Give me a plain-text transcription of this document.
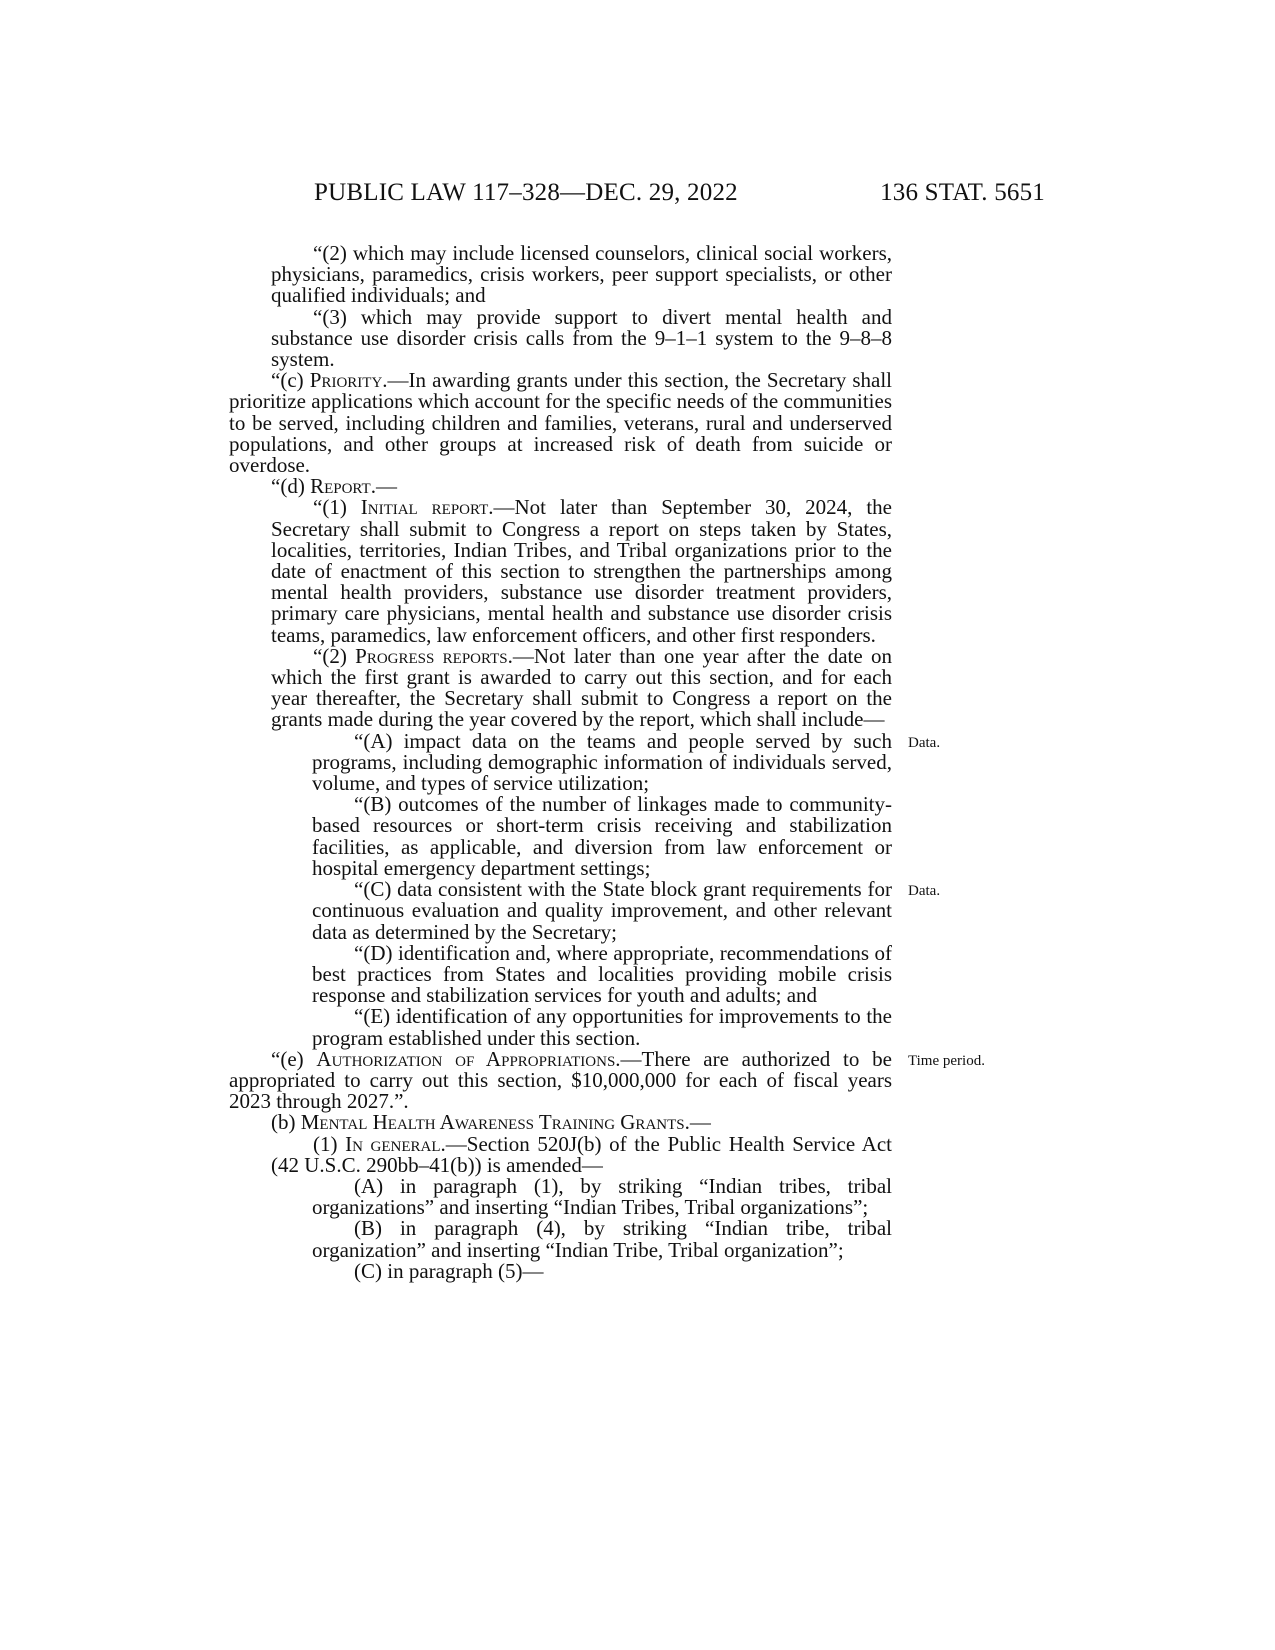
PUBLIC LAW 117–328—DEC. 29, 2022	136 STAT. 5651

“(2) which may include licensed counselors, clinical social workers, physicians, paramedics, crisis workers, peer support specialists, or other qualified individuals; and

“(3) which may provide support to divert mental health and substance use disorder crisis calls from the 9–1–1 system to the 9–8–8 system.

“(c) Priority.—In awarding grants under this section, the Secretary shall prioritize applications which account for the specific needs of the communities to be served, including children and families, veterans, rural and underserved populations, and other groups at increased risk of death from suicide or overdose.

“(d) Report.—

“(1) Initial report.—Not later than September 30, 2024, the Secretary shall submit to Congress a report on steps taken by States, localities, territories, Indian Tribes, and Tribal organizations prior to the date of enactment of this section to strengthen the partnerships among mental health providers, substance use disorder treatment providers, primary care physicians, mental health and substance use disorder crisis teams, paramedics, law enforcement officers, and other first responders.

“(2) Progress reports.—Not later than one year after the date on which the first grant is awarded to carry out this section, and for each year thereafter, the Secretary shall submit to Congress a report on the grants made during the year covered by the report, which shall include—

“(A) impact data on the teams and people served by such programs, including demographic information of individuals served, volume, and types of service utilization;

“(B) outcomes of the number of linkages made to community-based resources or short-term crisis receiving and stabilization facilities, as applicable, and diversion from law enforcement or hospital emergency department settings;

“(C) data consistent with the State block grant requirements for continuous evaluation and quality improvement, and other relevant data as determined by the Secretary;

“(D) identification and, where appropriate, recommendations of best practices from States and localities providing mobile crisis response and stabilization services for youth and adults; and

“(E) identification of any opportunities for improvements to the program established under this section.

“(e) Authorization of Appropriations.—There are authorized to be appropriated to carry out this section, $10,000,000 for each of fiscal years 2023 through 2027.”.

(b) Mental Health Awareness Training Grants.—

(1) In general.—Section 520J(b) of the Public Health Service Act (42 U.S.C. 290bb–41(b)) is amended—

(A) in paragraph (1), by striking “Indian tribes, tribal organizations” and inserting “Indian Tribes, Tribal organizations”;

(B) in paragraph (4), by striking “Indian tribe, tribal organization” and inserting “Indian Tribe, Tribal organization”;

(C) in paragraph (5)—

Data.
Data.
Time period.
